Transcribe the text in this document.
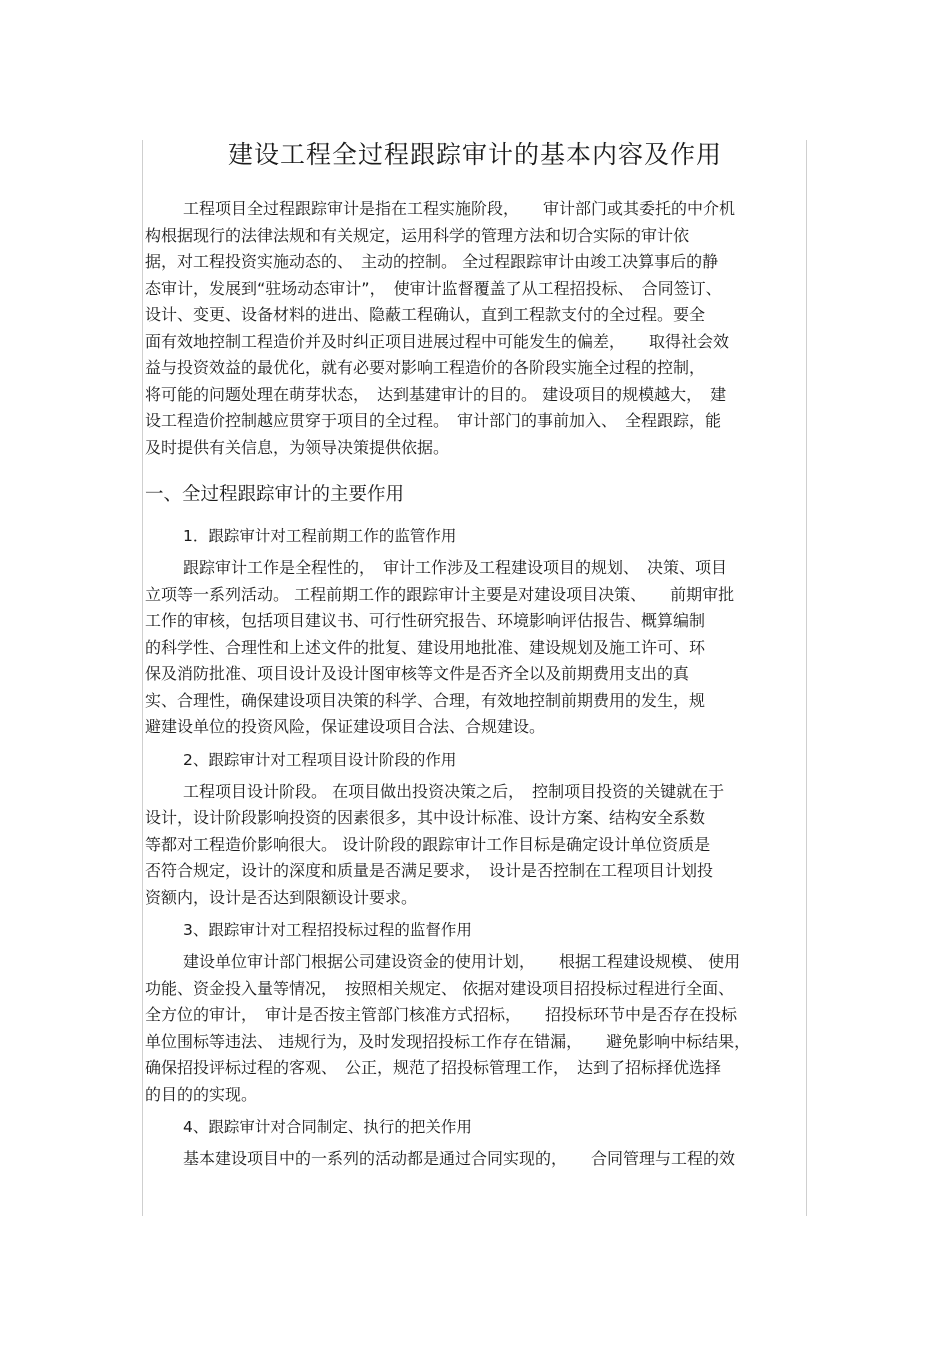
建设工程全过程跟踪审计的基本内容及作用

工程项目全过程跟踪审计是指在工程实施阶段，　　审计部门或其委托的中介机
构根据现行的法律法规和有关规定，运用科学的管理方法和切合实际的审计依
据，对工程投资实施动态的、　主动的控制。 全过程跟踪审计由竣工决算事后的静
态审计，发展到“驻场动态审计”，　使审计监督覆盖了从工程招投标、　合同签订、
设计、变更、设备材料的进出、隐蔽工程确认，直到工程款支付的全过程。要全
面有效地控制工程造价并及时纠正项目进展过程中可能发生的偏差，　　取得社会效
益与投资效益的最优化，就有必要对影响工程造价的各阶段实施全过程的控制，
将可能的问题处理在萌芽状态，　达到基建审计的目的。 建设项目的规模越大，　建
设工程造价控制越应贯穿于项目的全过程。　审计部门的事前加入、　全程跟踪，能
及时提供有关信息，为领导决策提供依据。

一、全过程跟踪审计的主要作用
1．跟踪审计对工程前期工作的监管作用

跟踪审计工作是全程性的，　审计工作涉及工程建设项目的规划、　决策、项目
立项等一系列活动。 工程前期工作的跟踪审计主要是对建设项目决策、　　前期审批
工作的审核，包括项目建议书、可行性研究报告、环境影响评估报告、概算编制
的科学性、合理性和上述文件的批复、建设用地批准、建设规划及施工许可、环
保及消防批准、项目设计及设计图审核等文件是否齐全以及前期费用支出的真
实、合理性，确保建设项目决策的科学、合理，有效地控制前期费用的发生，规
避建设单位的投资风险，保证建设项目合法、合规建设。

2、跟踪审计对工程项目设计阶段的作用

工程项目设计阶段。 在项目做出投资决策之后，　控制项目投资的关键就在于
设计，设计阶段影响投资的因素很多，其中设计标准、设计方案、结构安全系数
等都对工程造价影响很大。 设计阶段的跟踪审计工作目标是确定设计单位资质是
否符合规定，设计的深度和质量是否满足要求，　设计是否控制在工程项目计划投
资额内，设计是否达到限额设计要求。

3、跟踪审计对工程招投标过程的监督作用

建设单位审计部门根据公司建设资金的使用计划，　　根据工程建设规模、 使用
功能、资金投入量等情况，　按照相关规定、 依据对建设项目招投标过程进行全面、
全方位的审计，　审计是否按主管部门核准方式招标，　　招投标环节中是否存在投标
单位围标等违法、 违规行为，及时发现招投标工作存在错漏，　　避免影响中标结果，
确保招投评标过程的客观、　公正，规范了招投标管理工作，　达到了招标择优选择
的目的的实现。

4、跟踪审计对合同制定、执行的把关作用

基本建设项目中的一系列的活动都是通过合同实现的，　　合同管理与工程的效
